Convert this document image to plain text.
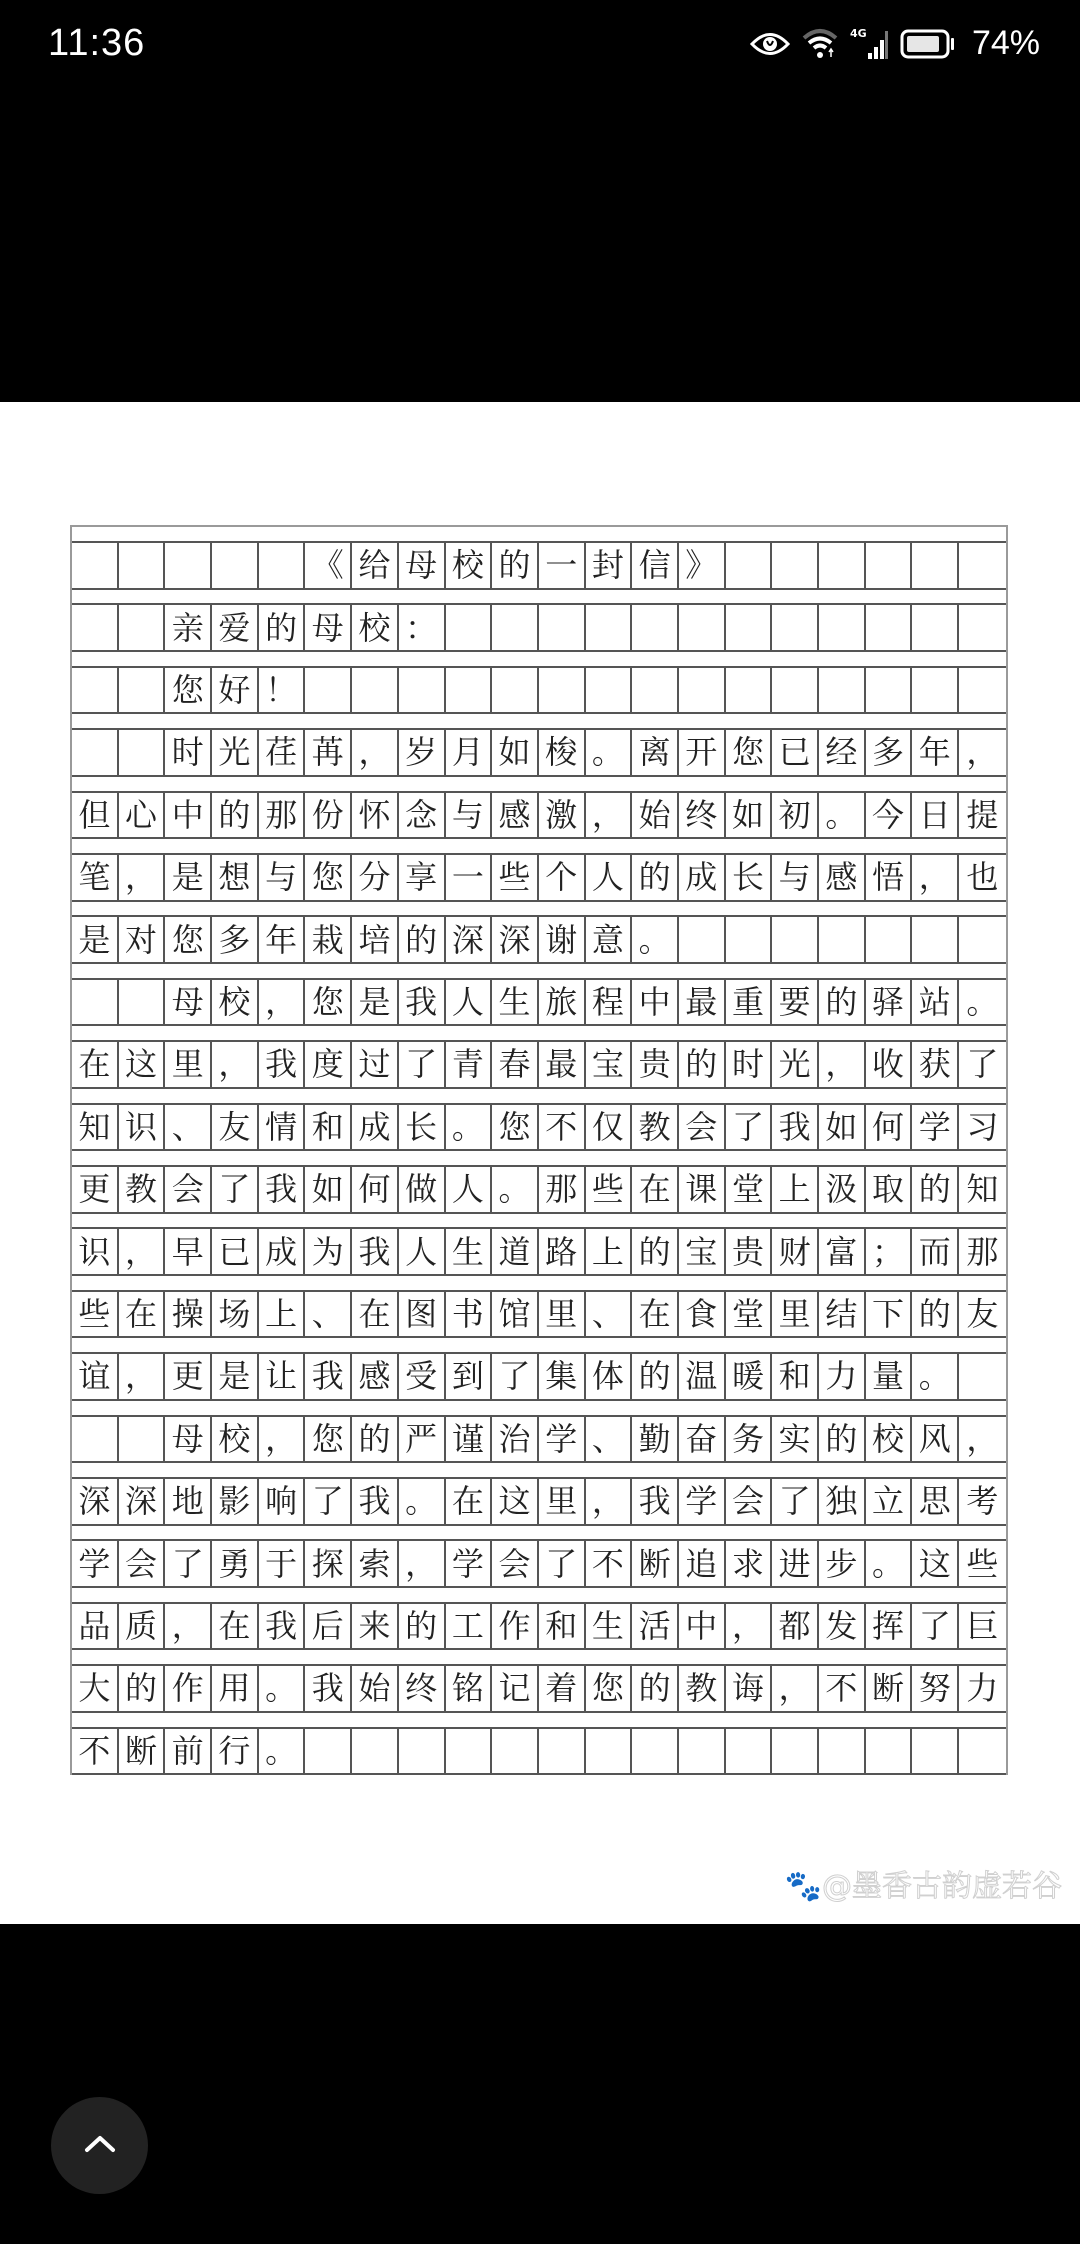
11:36	4G	74%
《 给 母 校 的 一 封 信 》
亲 爱 的 母 校 ：
您 好 ！
时 光 荏 苒 ， 岁 月 如 梭 。 离 开 您 已 经 多 年 ，
但 心 中 的 那 份 怀 念 与 感 激 ， 始 终 如 初 。 今 日 提
笔 ， 是 想 与 您 分 享 一 些 个 人 的 成 长 与 感 悟 ， 也
是 对 您 多 年 栽 培 的 深 深 谢 意 。
母 校 ， 您 是 我 人 生 旅 程 中 最 重 要 的 驿 站 。
在 这 里 ， 我 度 过 了 青 春 最 宝 贵 的 时 光 ， 收 获 了
知 识 、 友 情 和 成 长 。 您 不 仅 教 会 了 我 如 何 学 习
更 教 会 了 我 如 何 做 人 。 那 些 在 课 堂 上 汲 取 的 知
识 ， 早 已 成 为 我 人 生 道 路 上 的 宝 贵 财 富 ； 而 那
些 在 操 场 上 、 在 图 书 馆 里 、 在 食 堂 里 结 下 的 友
谊 ， 更 是 让 我 感 受 到 了 集 体 的 温 暖 和 力 量 。
母 校 ， 您 的 严 谨 治 学 、 勤 奋 务 实 的 校 风 ，
深 深 地 影 响 了 我 。 在 这 里 ， 我 学 会 了 独 立 思 考
学 会 了 勇 于 探 索 ， 学 会 了 不 断 追 求 进 步 。 这 些
品 质 ， 在 我 后 来 的 工 作 和 生 活 中 ， 都 发 挥 了 巨
大 的 作 用 。 我 始 终 铭 记 着 您 的 教 诲 ， 不 断 努 力
不 断 前 行 。
🐾@墨香古韵虚若谷
